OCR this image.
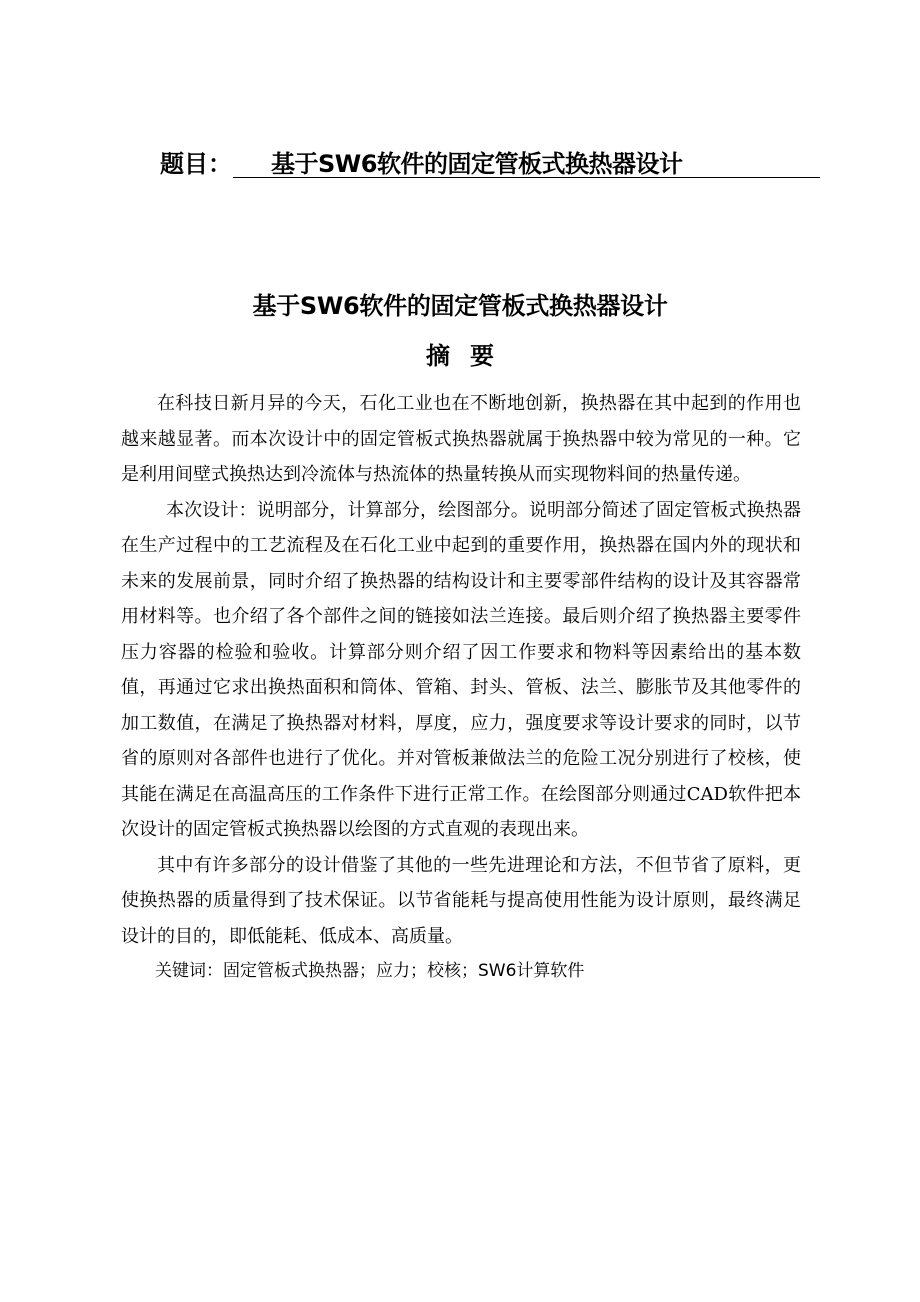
题目：	基于SW6软件的固定管板式换热器设计
基于SW6软件的固定管板式换热器设计
摘要

在科技日新月异的今天，石化工业也在不断地创新，换热器在其中起到的作用也越来越显著。而本次设计中的固定管板式换热器就属于换热器中较为常见的一种。它是利用间壁式换热达到冷流体与热流体的热量转换从而实现物料间的热量传递。

本次设计：说明部分，计算部分，绘图部分。说明部分简述了固定管板式换热器在生产过程中的工艺流程及在石化工业中起到的重要作用，换热器在国内外的现状和未来的发展前景，同时介绍了换热器的结构设计和主要零部件结构的设计及其容器常用材料等。也介绍了各个部件之间的链接如法兰连接。最后则介绍了换热器主要零件压力容器的检验和验收。计算部分则介绍了因工作要求和物料等因素给出的基本数值，再通过它求出换热面积和筒体、管箱、封头、管板、法兰、膨胀节及其他零件的加工数值，在满足了换热器对材料，厚度，应力，强度要求等设计要求的同时，以节省的原则对各部件也进行了优化。并对管板兼做法兰的危险工况分别进行了校核，使其能在满足在高温高压的工作条件下进行正常工作。在绘图部分则通过CAD软件把本次设计的固定管板式换热器以绘图的方式直观的表现出来。

其中有许多部分的设计借鉴了其他的一些先进理论和方法，不但节省了原料，更使换热器的质量得到了技术保证。以节省能耗与提高使用性能为设计原则，最终满足设计的目的，即低能耗、低成本、高质量。

关键词：固定管板式换热器；应力；校核；SW6计算软件
